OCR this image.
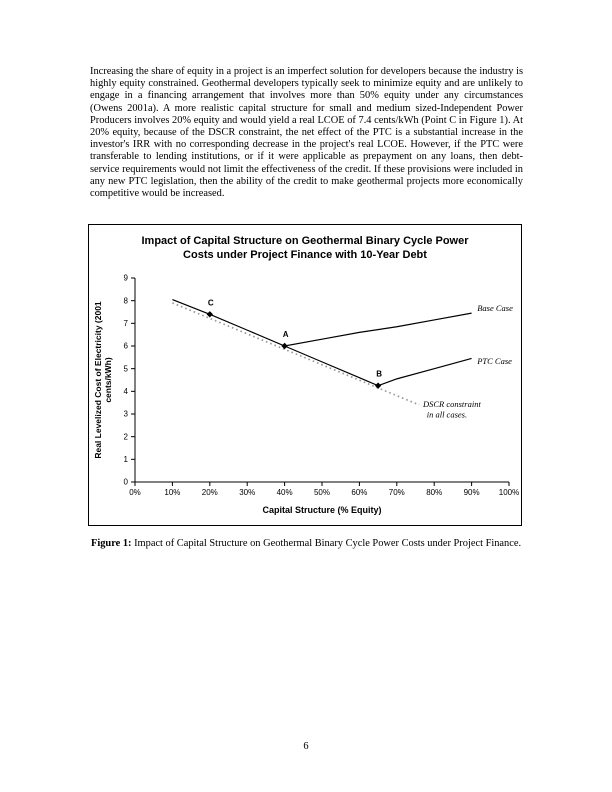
Increasing the share of equity in a project is an imperfect solution for developers because the industry is highly equity constrained. Geothermal developers typically seek to minimize equity and are unlikely to engage in a financing arrangement that involves more than 50% equity under any circumstances (Owens 2001a). A more realistic capital structure for small and medium sized-Independent Power Producers involves 20% equity and would yield a real LCOE of 7.4 cents/kWh (Point C in Figure 1). At 20% equity, because of the DSCR constraint, the net effect of the PTC is a substantial increase in the investor's IRR with no corresponding decrease in the project's real LCOE. However, if the PTC were transferable to lending institutions, or if it were applicable as prepayment on any loans, then debt-service requirements would not limit the effectiveness of the credit. If these provisions were included in any new PTC legislation, then the ability of the credit to make geothermal projects more economically competitive would be increased.

Impact of Capital Structure on Geothermal Binary Cycle Power
Costs under Project Finance with 10-Year Debt
0
1
2
3
4
5
6
7
8
9
0%	10%	20%	30%	40%	50%	60%	70%	80%	90% 100%
C
A
B
Base Case
PTC Case
DSCR constraint
in all cases.
Capital Structure (% Equity)
Real Levelized Cost of Electricity (2001cents/kWh)

Figure 1: Impact of Capital Structure on Geothermal Binary Cycle Power Costs under Project Finance.

6
